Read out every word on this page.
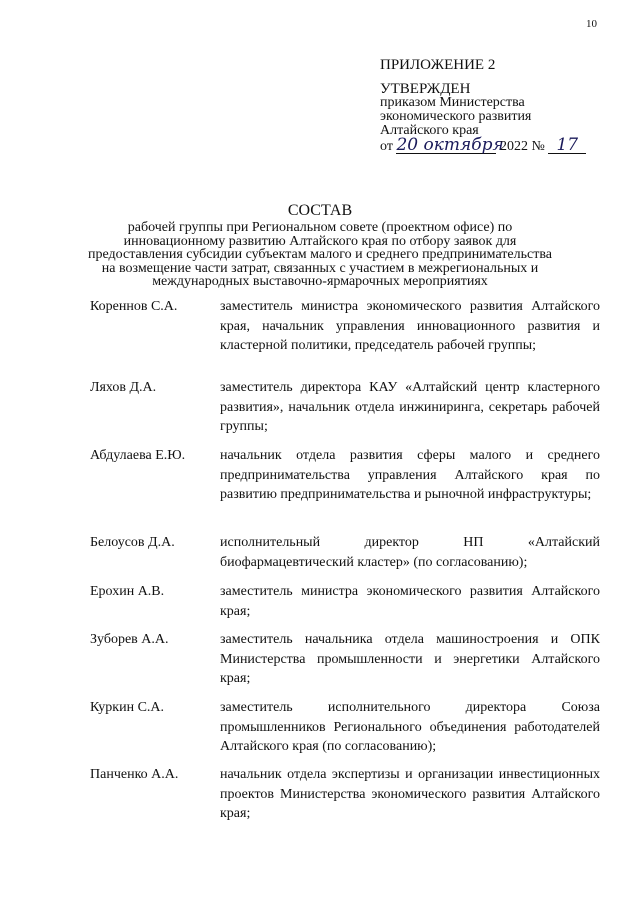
10
ПРИЛОЖЕНИЕ 2
УТВЕРЖДЕН
приказом Министерства
экономического развития
Алтайского края
от 20 октября 2022 № 17
СОСТАВ
рабочей группы при Региональном совете (проектном офисе) по
инновационному развитию Алтайского края по отбору заявок для
предоставления субсидии субъектам малого и среднего предпринимательства
на возмещение части затрат, связанных с участием в межрегиональных и
международных выставочно-ярмарочных мероприятиях
Кореннов С.А.	заместитель министра экономического развития Алтайского края, начальник управления инновационного развития и кластерной политики, председатель рабочей группы;
Ляхов Д.А.	заместитель директора КАУ «Алтайский центр кластерного развития», начальник отдела инжиниринга, секретарь рабочей группы;
Абдулаева Е.Ю.	начальник отдела развития сферы малого и среднего предпринимательства управления Алтайского края по развитию предпринимательства и рыночной инфраструктуры;
Белоусов Д.А.	исполнительный директор НП «Алтайский биофармацевтический кластер» (по согласованию);
Ерохин А.В.	заместитель министра экономического развития Алтайского края;
Зуборев А.А.	заместитель начальника отдела машиностроения и ОПК Министерства промышленности и энергетики Алтайского края;
Куркин С.А.	заместитель исполнительного директора Союза промышленников Регионального объединения работодателей Алтайского края (по согласованию);
Панченко А.А.	начальник отдела экспертизы и организации инвестиционных проектов Министерства экономического развития Алтайского края;
